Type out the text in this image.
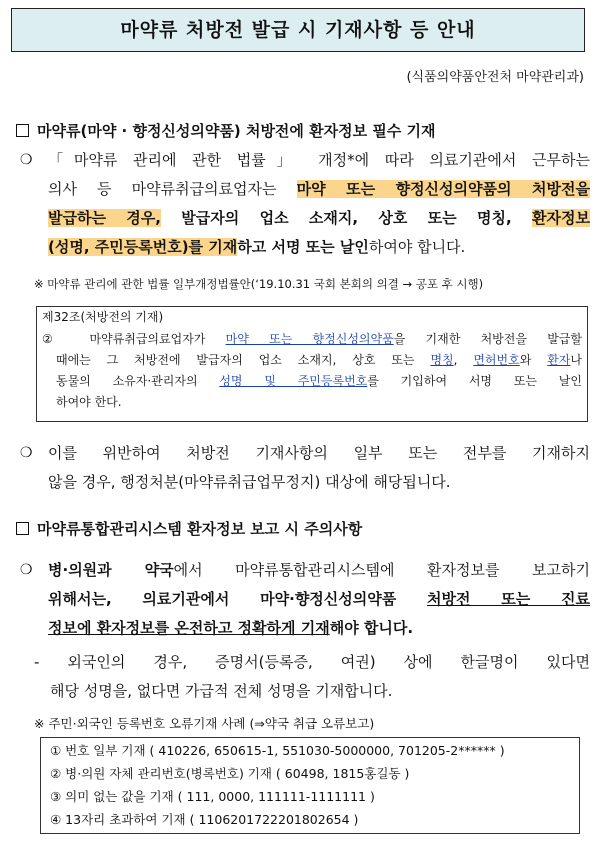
마약류 처방전 발급 시 기재사항 등 안내
(식품의약품안전처 마약관리과)
마약류(마약 · 향정신성의약품) 처방전에 환자정보 필수 기재
❍	「마약류 관리에 관한 법률」 개정*에 따라 의료기관에서 근무하는
의사 등 마약류취급의료업자는 마약 또는 향정신성의약품의 처방전을
발급하는 경우, 발급자의 업소 소재지, 상호 또는 명칭, 환자정보
(성명, 주민등록번호)를 기재하고 서명 또는 날인하여야 합니다.
※ 마약류 관리에 관한 법률 일부개정법률안(‘19.10.31 국회 본회의 의결 → 공포 후 시행)
제32조(처방전의 기재)
② 마약류취급의료업자가 마약 또는 향정신성의약품을 기재한 처방전을 발급할
때에는 그 처방전에 발급자의 업소 소재지, 상호 또는 명칭, 면허번호와 환자나
동물의 소유자·관리자의 성명 및 주민등록번호를 기입하여 서명 또는 날인
하여야 한다.
❍	이를 위반하여 처방전 기재사항의 일부 또는 전부를 기재하지
않을 경우, 행정처분(마약류취급업무정지) 대상에 해당됩니다.
마약류통합관리시스템 환자정보 보고 시 주의사항
❍	병·의원과 약국에서 마약류통합관리시스템에 환자정보를 보고하기
위해서는, 의료기관에서 마약·향정신성의약품 처방전 또는 진료
정보에 환자정보를 온전하고 정확하게 기재해야 합니다.
- 외국인의 경우, 증명서(등록증, 여권) 상에 한글명이 있다면
해당 성명을, 없다면 가급적 전체 성명을 기재합니다.
※ 주민·외국인 등록번호 오류기재 사례 (⇒약국 취급 오류보고)
① 번호 일부 기재 ( 410226, 650615-1, 551030-5000000, 701205-2****** )
② 병·의원 자체 관리번호(병록번호) 기재 ( 60498, 1815홍길동 )
③ 의미 없는 값을 기재 ( 111, 0000, 111111-1111111 )
④ 13자리 초과하여 기재 ( 1106201722201802654 )
